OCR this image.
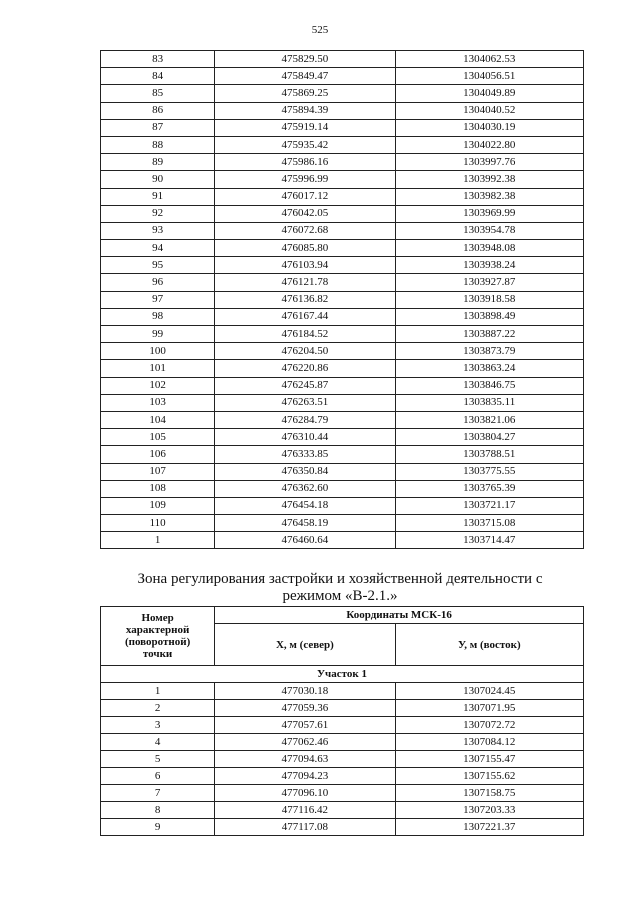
525
83	475829.50	1304062.53
84	475849.47	1304056.51
85	475869.25	1304049.89
86	475894.39	1304040.52
87	475919.14	1304030.19
88	475935.42	1304022.80
89	475986.16	1303997.76
90	475996.99	1303992.38
91	476017.12	1303982.38
92	476042.05	1303969.99
93	476072.68	1303954.78
94	476085.80	1303948.08
95	476103.94	1303938.24
96	476121.78	1303927.87
97	476136.82	1303918.58
98	476167.44	1303898.49
99	476184.52	1303887.22
100	476204.50	1303873.79
101	476220.86	1303863.24
102	476245.87	1303846.75
103	476263.51	1303835.11
104	476284.79	1303821.06
105	476310.44	1303804.27
106	476333.85	1303788.51
107	476350.84	1303775.55
108	476362.60	1303765.39
109	476454.18	1303721.17
110	476458.19	1303715.08
1	476460.64	1303714.47
Зона регулирования застройки и хозяйственной деятельности с
режимом «В-2.1.»
Номер характерной (поворотной) точки	Координаты МСК-16	
	Х, м (север)	У, м (восток)
Участок 1		
1	477030.18	1307024.45
2	477059.36	1307071.95
3	477057.61	1307072.72
4	477062.46	1307084.12
5	477094.63	1307155.47
6	477094.23	1307155.62
7	477096.10	1307158.75
8	477116.42	1307203.33
9	477117.08	1307221.37
